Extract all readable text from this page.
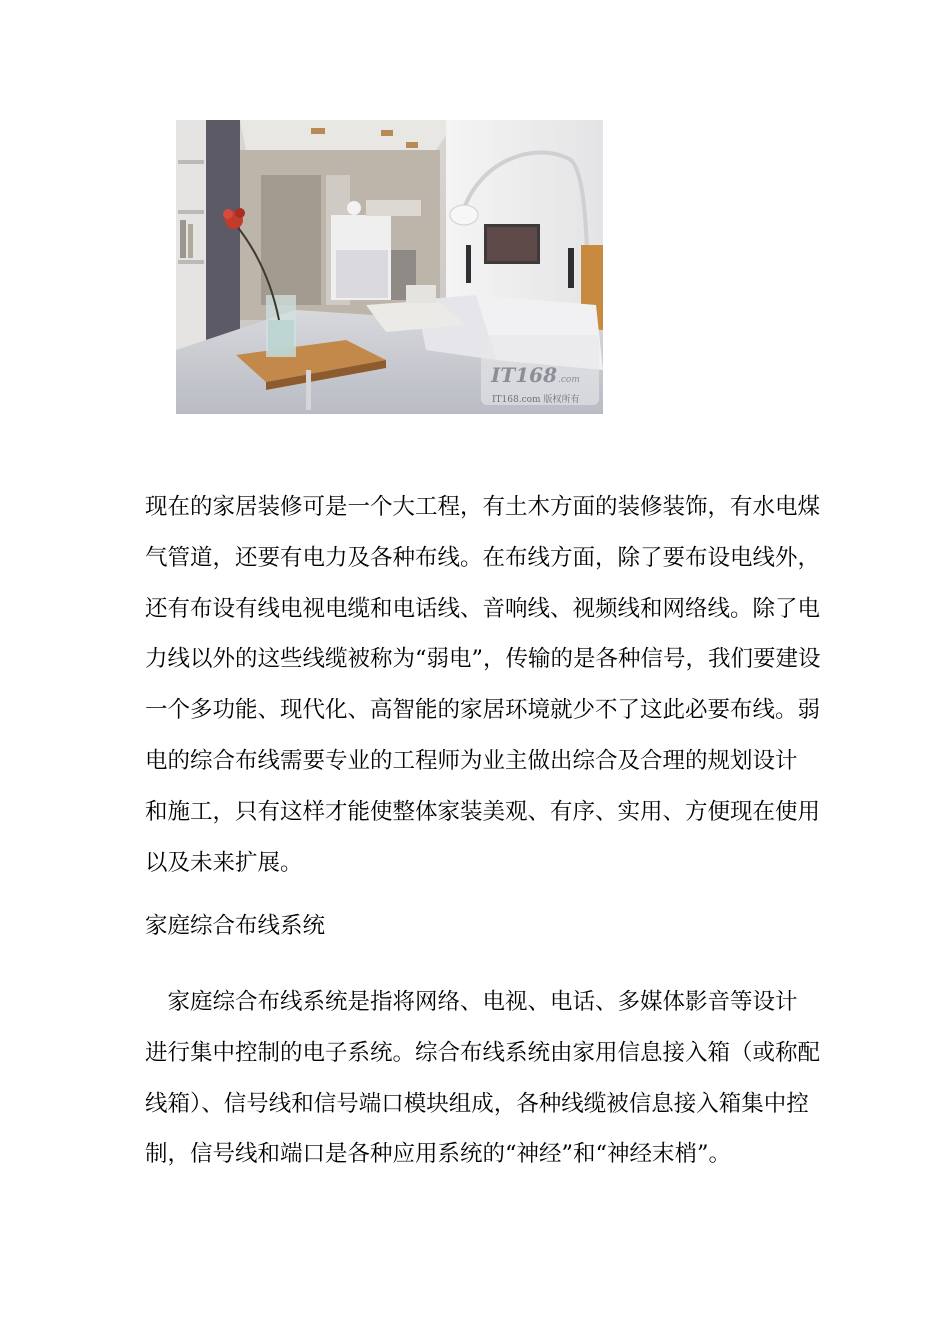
IT168 .com
IT168.com 版权所有
现在的家居装修可是一个大工程，有土木方面的装修装饰，有水电煤
气管道，还要有电力及各种布线。在布线方面，除了要布设电线外，
还有布设有线电视电缆和电话线、音响线、视频线和网络线。除了电
力线以外的这些线缆被称为“弱电”，传输的是各种信号，我们要建设
一个多功能、现代化、高智能的家居环境就少不了这此必要布线。弱
电的综合布线需要专业的工程师为业主做出综合及合理的规划设计
和施工，只有这样才能使整体家装美观、有序、实用、方便现在使用
以及未来扩展。
家庭综合布线系统
　家庭综合布线系统是指将网络、电视、电话、多媒体影音等设计
进行集中控制的电子系统。综合布线系统由家用信息接入箱（或称配
线箱）、信号线和信号端口模块组成，各种线缆被信息接入箱集中控
制，信号线和端口是各种应用系统的“神经”和“神经末梢”。
